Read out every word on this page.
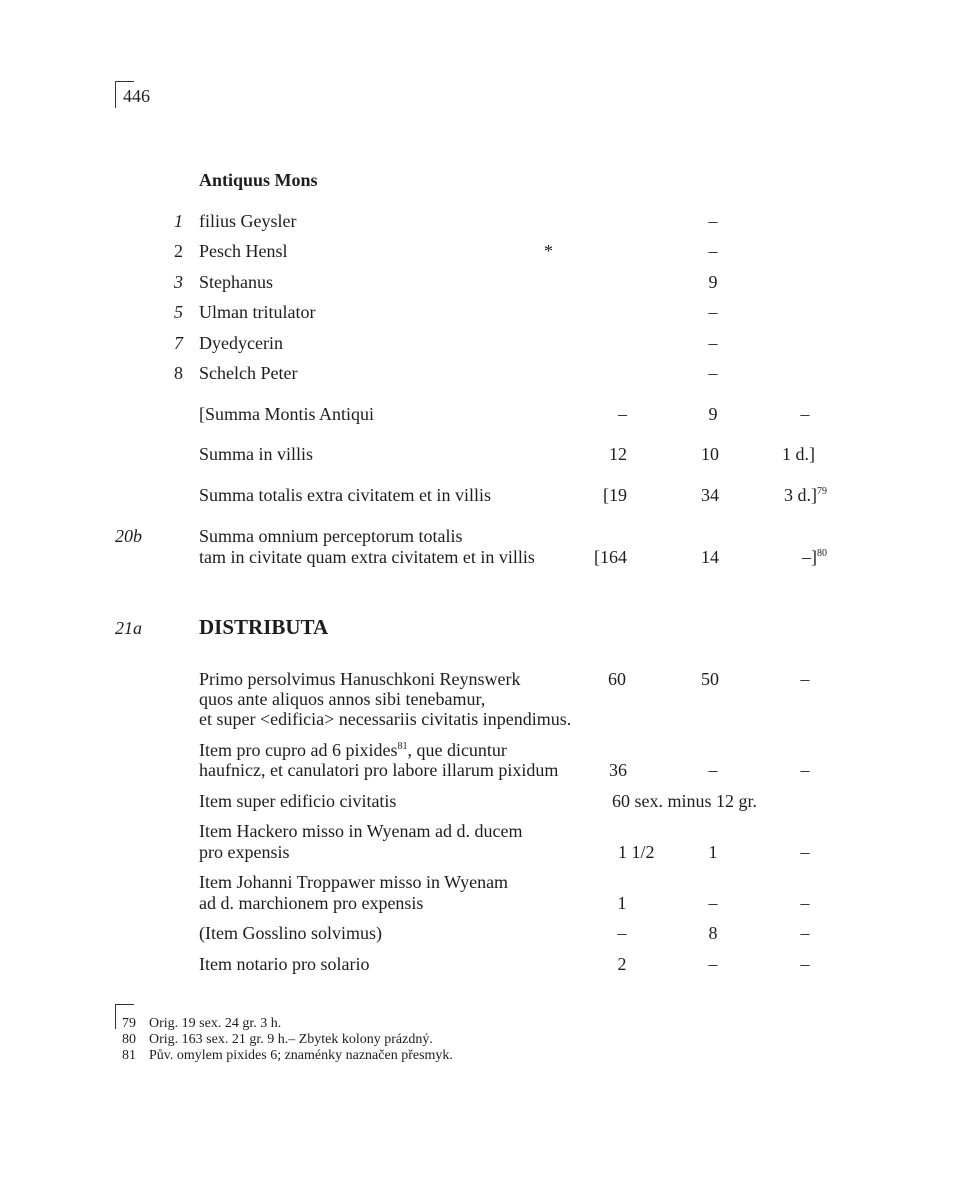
446
Antiquus Mons
1 filius Geysler	–
2 Pesch Hensl	*	–
3 Stephanus	9
5 Ulman tritulator	–
7 Dyedycerin	–
8 Schelch Peter	–
[Summa Montis Antiqui	–	9	–
Summa in villis	12	10	1 d.]
Summa totalis extra civitatem et in villis	[19	34	3 d.]$^{79}$
20b	Summa omnium perceptorum totalis
tam in civitate quam extra civitatem et in villis	[164	14	–]$^{80}$
21a	DISTRIBUTA
Primo persolvimus Hanuschkoni Reynswerk
quos ante aliquos annos sibi tenebamur,
et super <edificia> necessariis civitatis inpendimus.
60	50	–
Item pro cupro ad 6 pixides$^{81}$, que dicuntur
haufnicz, et canulatori pro labore illarum pixidum	36	–	–
Item super edificio civitatis	60 sex. minus 12 gr.
Item Hackero misso in Wyenam ad d. ducem
pro expensis	1 1/2	1	–
Item Johanni Troppawer misso in Wyenam
ad d. marchionem pro expensis	1	–	–
(Item Gosslino solvimus)	–	8	–
Item notario pro solario	2	–	–
79 Orig. 19 sex. 24 gr. 3 h.
80 Orig. 163 sex. 21 gr. 9 h.– Zbytek kolony prázdný.
81 Pův. omylem pixides 6; znaménky naznačen přesmyk.
